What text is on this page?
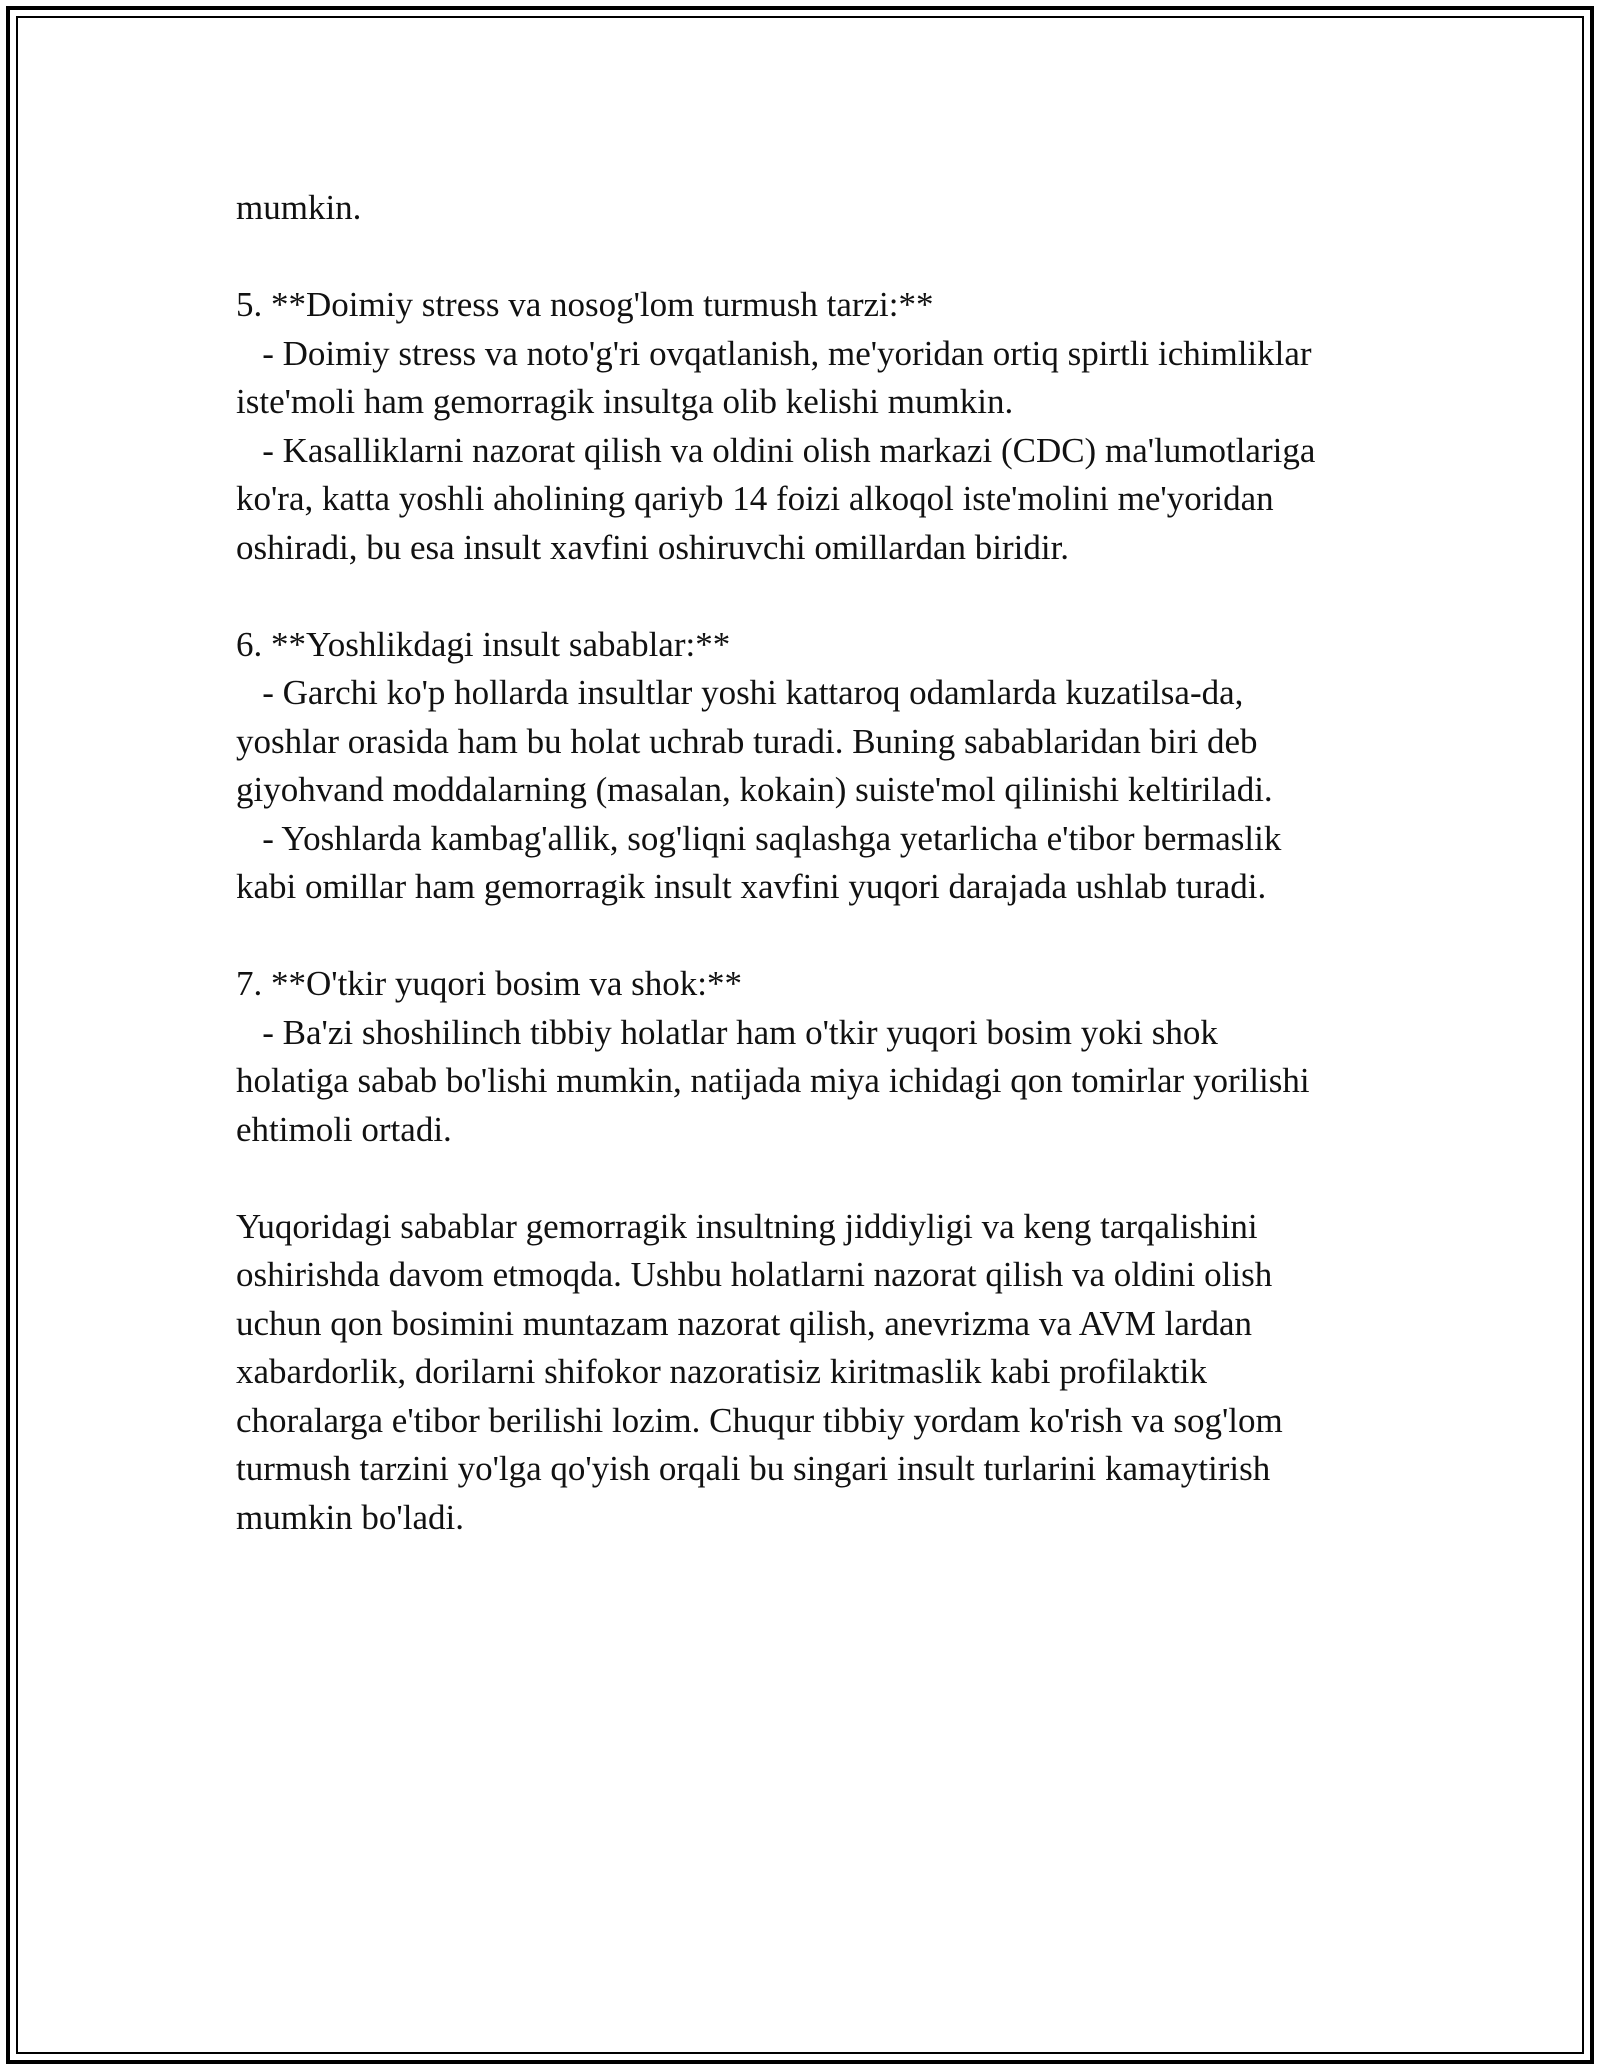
mumkin.
5. **Doimiy stress va nosog'lom turmush tarzi:**
- Doimiy stress va noto'g'ri ovqatlanish, me'yoridan ortiq spirtli ichimliklar
iste'moli ham gemorragik insultga olib kelishi mumkin.
- Kasalliklarni nazorat qilish va oldini olish markazi (CDC) ma'lumotlariga
ko'ra, katta yoshli aholining qariyb 14 foizi alkoqol iste'molini me'yoridan
oshiradi, bu esa insult xavfini oshiruvchi omillardan biridir.
6. **Yoshlikdagi insult sabablar:**
- Garchi ko'p hollarda insultlar yoshi kattaroq odamlarda kuzatilsa-da,
yoshlar orasida ham bu holat uchrab turadi. Buning sabablaridan biri deb
giyohvand moddalarning (masalan, kokain) suiste'mol qilinishi keltiriladi.
- Yoshlarda kambag'allik, sog'liqni saqlashga yetarlicha e'tibor bermaslik
kabi omillar ham gemorragik insult xavfini yuqori darajada ushlab turadi.
7. **O'tkir yuqori bosim va shok:**
- Ba'zi shoshilinch tibbiy holatlar ham o'tkir yuqori bosim yoki shok
holatiga sabab bo'lishi mumkin, natijada miya ichidagi qon tomirlar yorilishi
ehtimoli ortadi.
Yuqoridagi sabablar gemorragik insultning jiddiyligi va keng tarqalishini
oshirishda davom etmoqda. Ushbu holatlarni nazorat qilish va oldini olish
uchun qon bosimini muntazam nazorat qilish, anevrizma va AVM lardan
xabardorlik, dorilarni shifokor nazoratisiz kiritmaslik kabi profilaktik
choralarga e'tibor berilishi lozim. Chuqur tibbiy yordam ko'rish va sog'lom
turmush tarzini yo'lga qo'yish orqali bu singari insult turlarini kamaytirish
mumkin bo'ladi.
